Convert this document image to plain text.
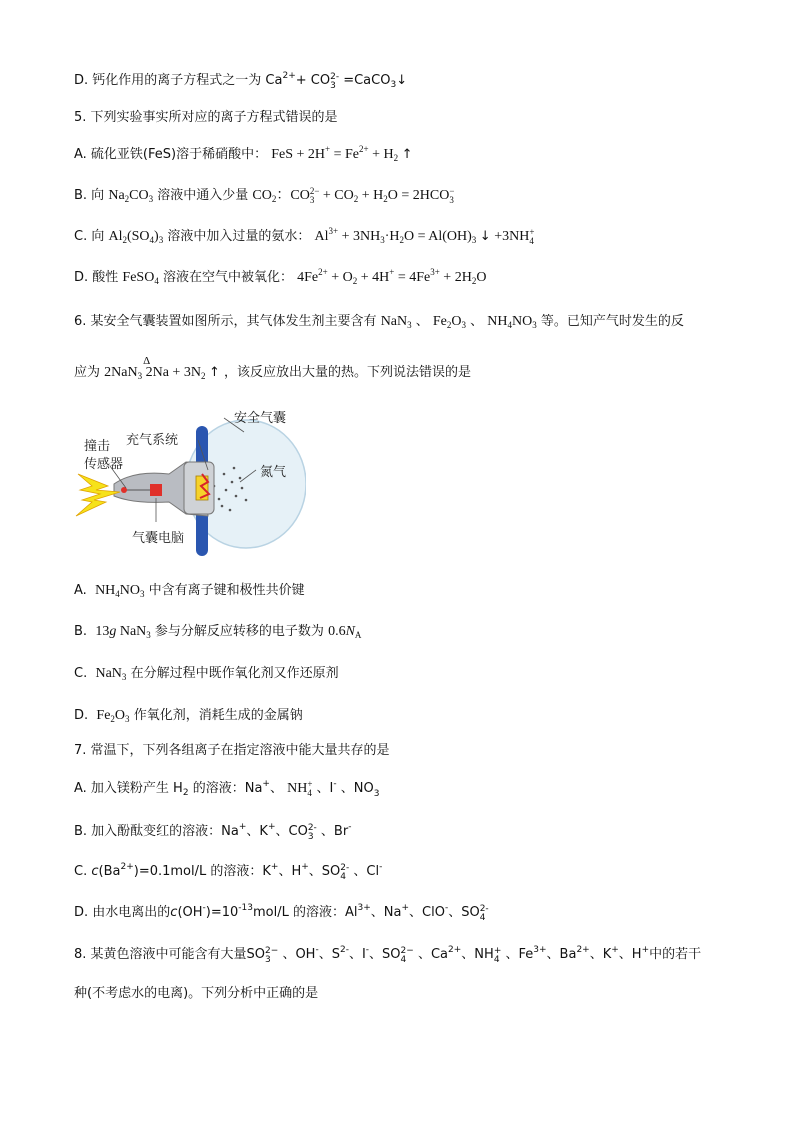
D. 钙化作用的离子方程式之一为 $Ca^{2+}+$ CO 2-
3 =CaCO$_3$↓
5. 下列实验事实所对应的离子方程式错误的是
A. 硫化亚铁(FeS)溶于稀硝酸中： FeS + $2H^+ = Fe^{2+} + H_2$ ↑
B. 向 $Na_2CO_3$ 溶液中通入少量 $CO_2$：CO 2−
$3 + CO_2 + H_2O = 2HCO$ −
3
C. 向 $Al_2(SO_4)_3$ 溶液中加入过量的氨水： $Al^{3+} + 3NH_3\cdot H_2O = Al(OH)_3$ ↓ +3NH +
4
D. 酸性 FeSO$_4$ 溶液在空气中被氧化： $4Fe^{2+} + O_2 + 4H^+ = 4Fe^{3+} + 2H_2O$
6. 某安全气囊装置如图所示，其气体发生剂主要含有 NaN$_3$ 、 $Fe_2O_3$ 、 $NH_4NO_3$ 等。已知产气时发生的反
应为 2NaN$_3$
Δ
$2Na + 3N_2$ ↑ ，该反应放出大量的热。下列说法错误的是
安全气囊
充气系统
撞击
传感器
氮气
气囊电脑
A.  $NH_4NO_3$ 中含有离子键和极性共价键
B.  13g NaN$_3$ 参与分解反应转移的电子数为 $0.6N_A$
C.  NaN$_3$ 在分解过程中既作氧化剂又作还原剂
D.  $Fe_2O_3$ 作氧化剂，消耗生成的金属钠
7. 常温下，下列各组离子在指定溶液中能大量共存的是
A. 加入镁粉产生 $H_2$ 的溶液：Na+、 NH +
4 、I- 、NO
3
B. 加入酚酞变红的溶液：Na+、K+、CO 2-
3 、Br-
C. $c(Ba^{2+})=0.1mol/L$ 的溶液：K+、H+、SO 2-
4 、Cl-
D. 由水电离出的$c(OH^-)=10^{-13}mol/L$ 的溶液：$Al^{3+}$、Na+、ClO-、SO 2-
4
8. 某黄色溶液中可能含有大量SO 2−
3 、OH-、$S^{2-}$、I-、SO 2−
4 、$Ca^{2+}$、NH +
4 、$Fe^{3+}$、$Ba^{2+}$、K+、H+中的若干
种(不考虑水的电离)。下列分析中正确的是
